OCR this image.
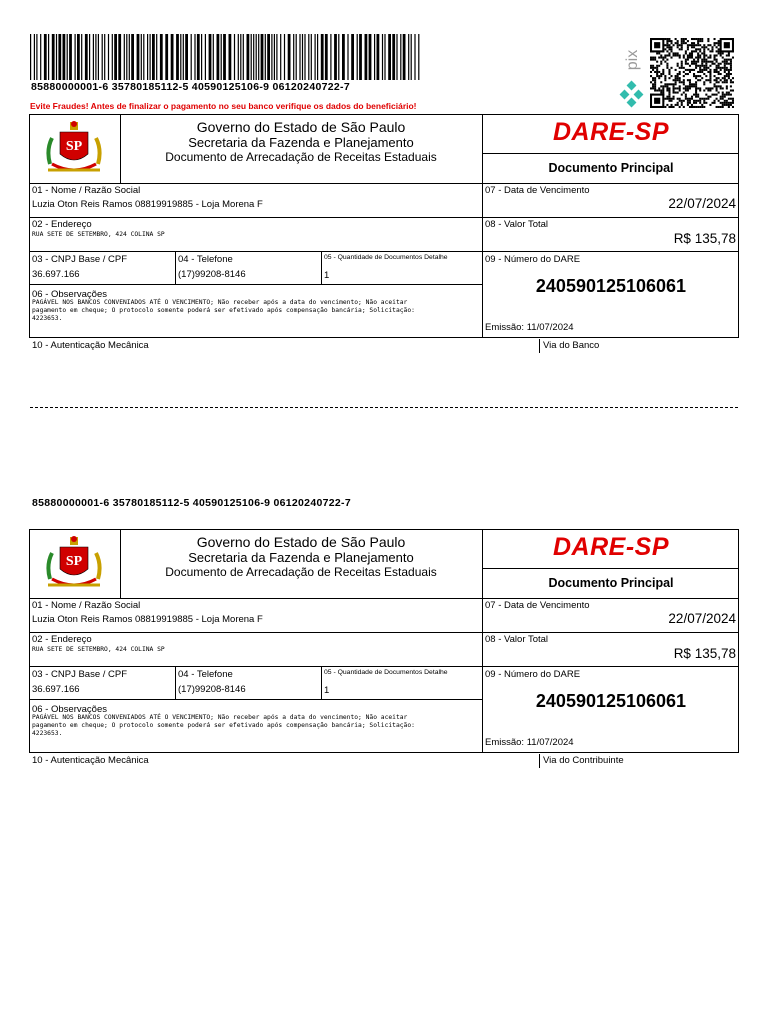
85880000001-6 35780185112-5 40590125106-9 06120240722-7
Evite Fraudes! Antes de finalizar o pagamento no seu banco verifique os dados do beneficiário!
pix
SP
Governo do Estado de São Paulo
Secretaria da Fazenda e Planejamento
Documento de Arrecadação de Receitas Estaduais
DARE-SP
Documento Principal
01 - Nome / Razão Social
Luzia Oton Reis Ramos 08819919885 - Loja Morena F
07 - Data de Vencimento
22/07/2024
02 - Endereço
RUA SETE DE SETEMBRO, 424 COLINA SP
08 - Valor Total
R$ 135,78
03 - CNPJ Base / CPF
36.697.166
04 - Telefone
(17)99208-8146
05 - Quantidade de Documentos Detalhe
1
06 - Observações
PAGÁVEL NOS BANCOS CONVENIADOS ATÉ O VENCIMENTO; Não receber após a data do vencimento; Não aceitar
pagamento em cheque; O protocolo somente poderá ser efetivado após compensação bancária; Solicitação:
4223653.
09 - Número do DARE
240590125106061
Emissão: 11/07/2024
10 - Autenticação Mecânica	Via do Banco
85880000001-6 35780185112-5 40590125106-9 06120240722-7
SP
Governo do Estado de São Paulo
Secretaria da Fazenda e Planejamento
Documento de Arrecadação de Receitas Estaduais
DARE-SP
Documento Principal
01 - Nome / Razão Social
Luzia Oton Reis Ramos 08819919885 - Loja Morena F
07 - Data de Vencimento
22/07/2024
02 - Endereço
RUA SETE DE SETEMBRO, 424 COLINA SP
08 - Valor Total
R$ 135,78
03 - CNPJ Base / CPF
36.697.166
04 - Telefone
(17)99208-8146
05 - Quantidade de Documentos Detalhe
1
06 - Observações
PAGÁVEL NOS BANCOS CONVENIADOS ATÉ O VENCIMENTO; Não receber após a data do vencimento; Não aceitar
pagamento em cheque; O protocolo somente poderá ser efetivado após compensação bancária; Solicitação:
4223653.
09 - Número do DARE
240590125106061
Emissão: 11/07/2024
10 - Autenticação Mecânica	Via do Contribuinte
